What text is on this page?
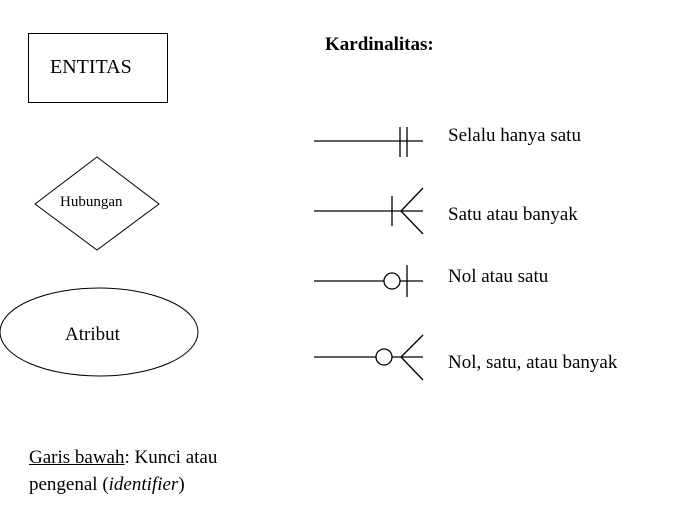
ENTITAS
Hubungan
Atribut
Kardinalitas:
Selalu hanya satu
Satu atau banyak
Nol atau satu
Nol, satu, atau banyak
Garis bawah: Kunci atau
pengenal (identifier)
